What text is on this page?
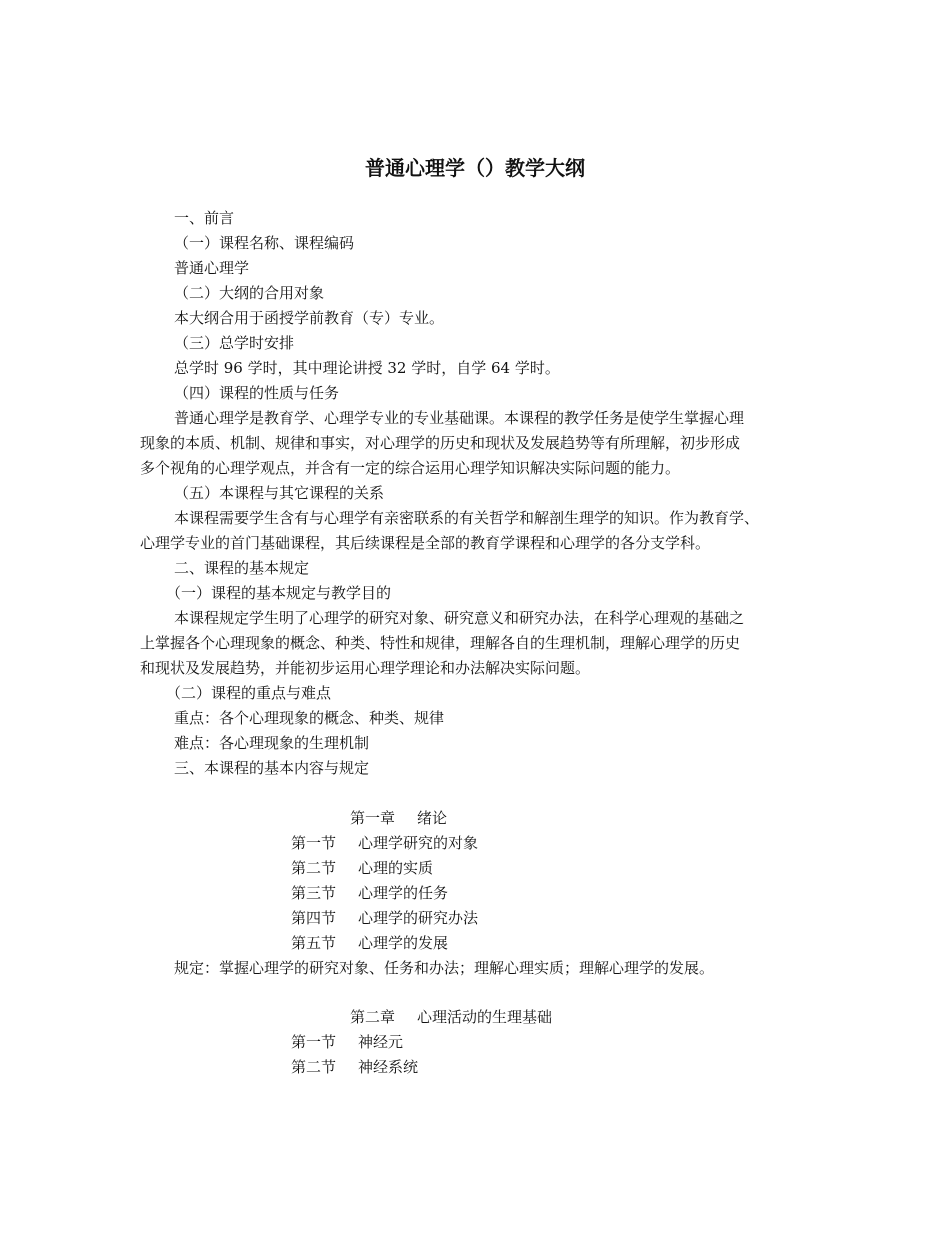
普通心理学（）教学大纲

一、前言

（一）课程名称、课程编码

普通心理学

（二）大纲的合用对象

本大纲合用于函授学前教育（专）专业。

（三）总学时安排

总学时 96 学时，其中理论讲授 32 学时，自学 64 学时。

（四）课程的性质与任务

普通心理学是教育学、心理学专业的专业基础课。本课程的教学任务是使学生掌握心理

现象的本质、机制、规律和事实，对心理学的历史和现状及发展趋势等有所理解，初步形成

多个视角的心理学观点，并含有一定的综合运用心理学知识解决实际问题的能力。

（五）本课程与其它课程的关系

本课程需要学生含有与心理学有亲密联系的有关哲学和解剖生理学的知识。作为教育学、

心理学专业的首门基础课程，其后续课程是全部的教育学课程和心理学的各分支学科。

二、课程的基本规定

（一）课程的基本规定与教学目的

本课程规定学生明了心理学的研究对象、研究意义和研究办法，在科学心理观的基础之

上掌握各个心理现象的概念、种类、特性和规律，理解各自的生理机制，理解心理学的历史

和现状及发展趋势，并能初步运用心理学理论和办法解决实际问题。

（二）课程的重点与难点

重点：各个心理现象的概念、种类、规律

难点：各心理现象的生理机制

三、本课程的基本内容与规定

第一章 绪论

第一节 心理学研究的对象

第二节 心理的实质

第三节 心理学的任务

第四节 心理学的研究办法

第五节 心理学的发展

规定：掌握心理学的研究对象、任务和办法；理解心理实质；理解心理学的发展。

第二章 心理活动的生理基础

第一节 神经元

第二节 神经系统
